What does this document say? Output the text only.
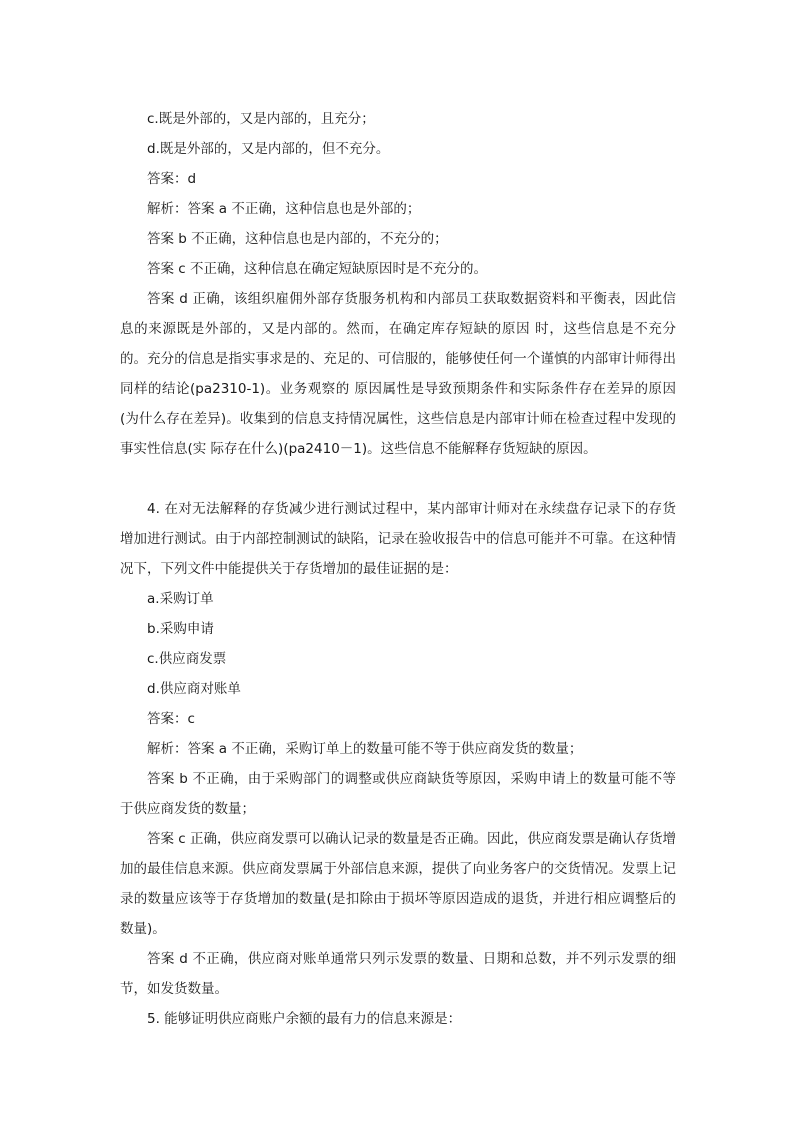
c.既是外部的，又是内部的，且充分；

d.既是外部的，又是内部的，但不充分。

答案：d

解析：答案 a 不正确，这种信息也是外部的；

答案 b 不正确，这种信息也是内部的，不充分的；

答案 c 不正确，这种信息在确定短缺原因时是不充分的。

答案 d 正确，该组织雇佣外部存货服务机构和内部员工获取数据资料和平衡表，因此信息的来源既是外部的，又是内部的。然而，在确定库存短缺的原因 时，这些信息是不充分的。充分的信息是指实事求是的、充足的、可信服的，能够使任何一个谨慎的内部审计师得出同样的结论(pa2310-1)。业务观察的 原因属性是导致预期条件和实际条件存在差异的原因(为什么存在差异)。收集到的信息支持情况属性，这些信息是内部审计师在检查过程中发现的事实性信息(实 际存在什么)(pa2410－1)。这些信息不能解释存货短缺的原因。

4. 在对无法解释的存货减少进行测试过程中，某内部审计师对在永续盘存记录下的存货增加进行测试。由于内部控制测试的缺陷，记录在验收报告中的信息可能并不可靠。在这种情况下，下列文件中能提供关于存货增加的最佳证据的是：

a.采购订单

b.采购申请

c.供应商发票

d.供应商对账单

答案：c

解析：答案 a 不正确，采购订单上的数量可能不等于供应商发货的数量；

答案 b 不正确，由于采购部门的调整或供应商缺货等原因，采购申请上的数量可能不等于供应商发货的数量；

答案 c 正确，供应商发票可以确认记录的数量是否正确。因此，供应商发票是确认存货增加的最佳信息来源。供应商发票属于外部信息来源，提供了向业务客户的交货情况。发票上记录的数量应该等于存货增加的数量(是扣除由于损坏等原因造成的退货，并进行相应调整后的数量)。

答案 d 不正确，供应商对账单通常只列示发票的数量、日期和总数，并不列示发票的细节，如发货数量。

5. 能够证明供应商账户余额的最有力的信息来源是：
